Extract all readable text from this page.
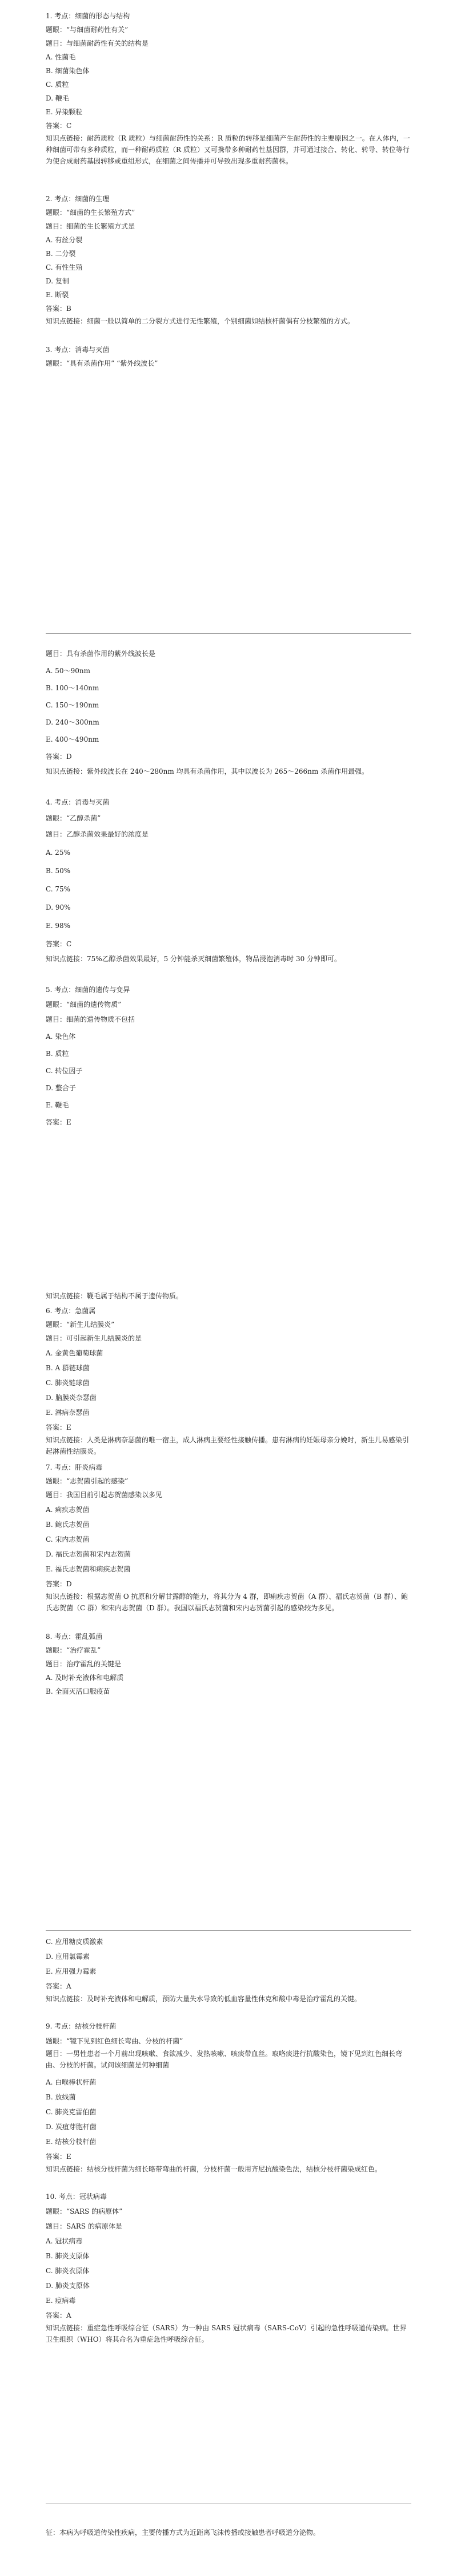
1. 考点：细菌的形态与结构
题眼：“与细菌耐药性有关”
题目：与细菌耐药性有关的结构是
A. 性菌毛
B. 细菌染色体
C. 质粒
D. 鞭毛
E. 异染颗粒
答案：C
知识点链接：耐药质粒（R 质粒）与细菌耐药性的关系：R 质粒的转移是细菌产生耐药性的主要原因之一。在人体内，一种细菌可带有多种质粒，而一种耐药质粒（R 质粒）又可携带多种耐药性基因群，并可通过接合、转化、转导、转位等行为使合成耐药基因转移或重组形式，在细菌之间传播并可导致出现多重耐药菌株。
2. 考点：细菌的生理
题眼：“细菌的生长繁殖方式”
题目：细菌的生长繁殖方式是
A. 有丝分裂
B. 二分裂
C. 有性生殖
D. 复制
E. 断裂
答案：B
知识点链接：细菌一般以简单的二分裂方式进行无性繁殖，个别细菌如结核杆菌偶有分枝繁殖的方式。
3. 考点：消毒与灭菌
题眼：“具有杀菌作用” “紫外线波长”
题目：具有杀菌作用的紫外线波长是
A. 50～90nm
B. 100～140nm
C. 150～190nm
D. 240～300nm
E. 400～490nm
答案：D
知识点链接：紫外线波长在 240～280nm 均具有杀菌作用，其中以波长为 265～266nm 杀菌作用最强。
4. 考点：消毒与灭菌
题眼：“乙醇杀菌”
题目：乙醇杀菌效果最好的浓度是
A. 25%
B. 50%
C. 75%
D. 90%
E. 98%
答案：C
知识点链接：75%乙醇杀菌效果最好，5 分钟能杀灭细菌繁殖体，物品浸泡消毒时 30 分钟即可。
5. 考点：细菌的遗传与变异
题眼：“细菌的遗传物质”
题目：细菌的遗传物质不包括
A. 染色体
B. 质粒
C. 转位因子
D. 整合子
E. 鞭毛
答案：E
知识点链接：鞭毛属于结构不属于遗传物质。
6. 考点：急菌属
题眼：“新生儿结膜炎”
题目：可引起新生儿结膜炎的是
A. 金黄色葡萄球菌
B. A 群链球菌
C. 肺炎链球菌
D. 脑膜炎奈瑟菌
E. 淋病奈瑟菌
答案：E
知识点链接：人类是淋病奈瑟菌的唯一宿主，成人淋病主要经性接触传播。患有淋病的妊娠母亲分娩时，新生儿易感染引起淋菌性结膜炎。
7. 考点：肝炎病毒
题眼：“志贺菌引起的感染”
题目：我国目前引起志贺菌感染以多见
A. 痢疾志贺菌
B. 鲍氏志贺菌
C. 宋内志贺菌
D. 福氏志贺菌和宋内志贺菌
E. 福氏志贺菌和痢疾志贺菌
答案：D
知识点链接：根据志贺菌 O 抗原和分解甘露醇的能力，将其分为 4 群，即痢疾志贺菌（A 群）、福氏志贺菌（B 群）、鲍氏志贺菌（C 群）和宋内志贺菌（D 群）。我国以福氏志贺菌和宋内志贺菌引起的感染较为多见。
8. 考点：霍乱弧菌
题眼：“治疗霍乱”
题目：治疗霍乱的关键是
A. 及时补充液体和电解质
B. 全面灭活口服疫苗
C. 应用糖皮质激素
D. 应用氯霉素
E. 应用强力霉素
答案：A
知识点链接：及时补充液体和电解质，预防大量失水导致的低血容量性休克和酸中毒是治疗霍乱的关键。
9. 考点：结核分枝杆菌
题眼：“镜下见到红色细长弯曲、分枝的杆菌”
题目：一男性患者一个月前出现咳嗽、食欲减少、发热咳嗽、咳痰带血丝。取咯痰进行抗酸染色，镜下见到红色细长弯曲、分枝的杆菌。试问该细菌是何种细菌
A. 白喉棒状杆菌
B. 放线菌
C. 肺炎克雷伯菌
D. 炭疽芽胞杆菌
E. 结核分枝杆菌
答案：E
知识点链接：结核分枝杆菌为细长略带弯曲的杆菌，分枝杆菌一般用齐尼抗酸染色法，结核分枝杆菌染成红色。
10. 考点：冠状病毒
题眼：“SARS 的病原体”
题目：SARS 的病原体是
A. 冠状病毒
B. 肺炎支原体
C. 肺炎衣原体
D. 肺炎支原体
E. 痘病毒
答案：A
知识点链接：重症急性呼吸综合征（SARS）为一种由 SARS 冠状病毒（SARS-CoV）引起的急性呼吸道传染病。世界卫生组织（WHO）将其命名为重症急性呼吸综合征。
征：本病为呼吸道传染性疾病，主要传播方式为近距离飞沫传播或接触患者呼吸道分泌物。
